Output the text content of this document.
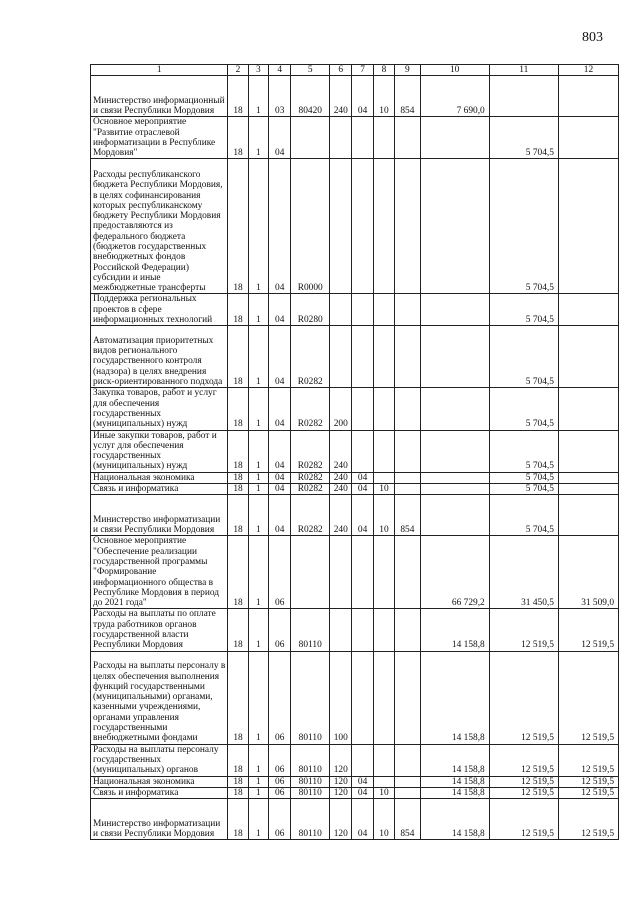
803
1	2	3	4	5	6	7	8	9	10	11	12
Министерство информационный и связи Республики Мордовия	18	1	03	80420	240	04	10	854	7 690,0		
Основное мероприятие "Развитие отраслевой информатизации в Республике Мордовия"	18	1	04							5 704,5	
Расходы республиканского бюджета Республики Мордовия, в целях софинансирования которых республиканскому бюджету Республики Мордовия предоставляются из федерального бюджета (бюджетов государственных внебюджетных фондов Российской Федерации) субсидии и иные межбюджетные трансферты	18	1	04	R0000						5 704,5	
Поддержка региональных проектов в сфере информационных технологий	18	1	04	R0280						5 704,5	
Автоматизация приоритетных видов регионального государственного контроля (надзора) в целях внедрения риск-ориентированного подхода	18	1	04	R0282						5 704,5	
Закупка товаров, работ и услуг для обеспечения государственных (муниципальных) нужд	18	1	04	R0282	200					5 704,5	
Иные закупки товаров, работ и услуг для обеспечения государственных (муниципальных) нужд	18	1	04	R0282	240					5 704,5	
Национальная экономика	18	1	04	R0282	240	04				5 704,5	
Связь и информатика	18	1	04	R0282	240	04	10			5 704,5	
Министерство информатизации и связи Республики Мордовия	18	1	04	R0282	240	04	10	854		5 704,5	
Основное мероприятие "Обеспечение реализации государственной программы "Формирование информационного общества в Республике Мордовия в период до 2021 года"	18	1	06						66 729,2	31 450,5	31 509,0
Расходы на выплаты по оплате труда работников органов государственной власти Республики Мордовия	18	1	06	80110					14 158,8	12 519,5	12 519,5
Расходы на выплаты персоналу в целях обеспечения выполнения функций государственными (муниципальными) органами, казенными учреждениями, органами управления государственными внебюджетными фондами	18	1	06	80110	100				14 158,8	12 519,5	12 519,5
Расходы на выплаты персоналу государственных (муниципальных) органов	18	1	06	80110	120				14 158,8	12 519,5	12 519,5
Национальная экономика	18	1	06	80110	120	04			14 158,8	12 519,5	12 519,5
Связь и информатика	18	1	06	80110	120	04	10		14 158,8	12 519,5	12 519,5
Министерство информатизации и связи Республики Мордовия	18	1	06	80110	120	04	10	854	14 158,8	12 519,5	12 519,5
